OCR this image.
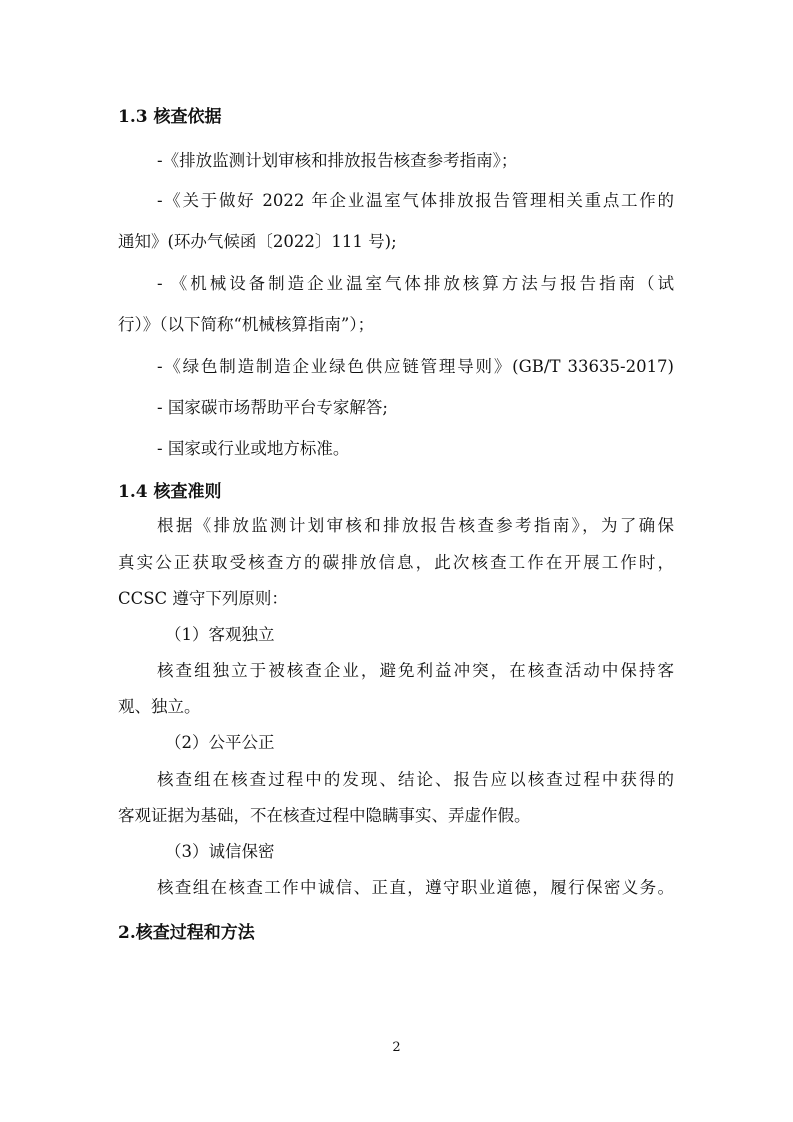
1.3 核查依据
-《排放监测计划审核和排放报告核查参考指南》；
-《关于做好 2022 年企业温室气体排放报告管理相关重点工作的
通知》(环办气候函〔2022〕111 号);
- 《机械设备制造企业温室气体排放核算方法与报告指南（试
行）》（以下简称“机械核算指南”）；
-《绿色制造制造企业绿色供应链管理导则》(GB/T 33635-2017)
- 国家碳市场帮助平台专家解答;
- 国家或行业或地方标准。
1.4 核查准则
根据《排放监测计划审核和排放报告核查参考指南》，为了确保
真实公正获取受核查方的碳排放信息，此次核查工作在开展工作时，
CCSC 遵守下列原则：
（1）客观独立
核查组独立于被核查企业，避免利益冲突，在核查活动中保持客
观、独立。
（2）公平公正
核查组在核查过程中的发现、结论、报告应以核查过程中获得的
客观证据为基础，不在核查过程中隐瞒事实、弄虚作假。
（3）诚信保密
核查组在核查工作中诚信、正直，遵守职业道德，履行保密义务。
2.核查过程和方法
2
